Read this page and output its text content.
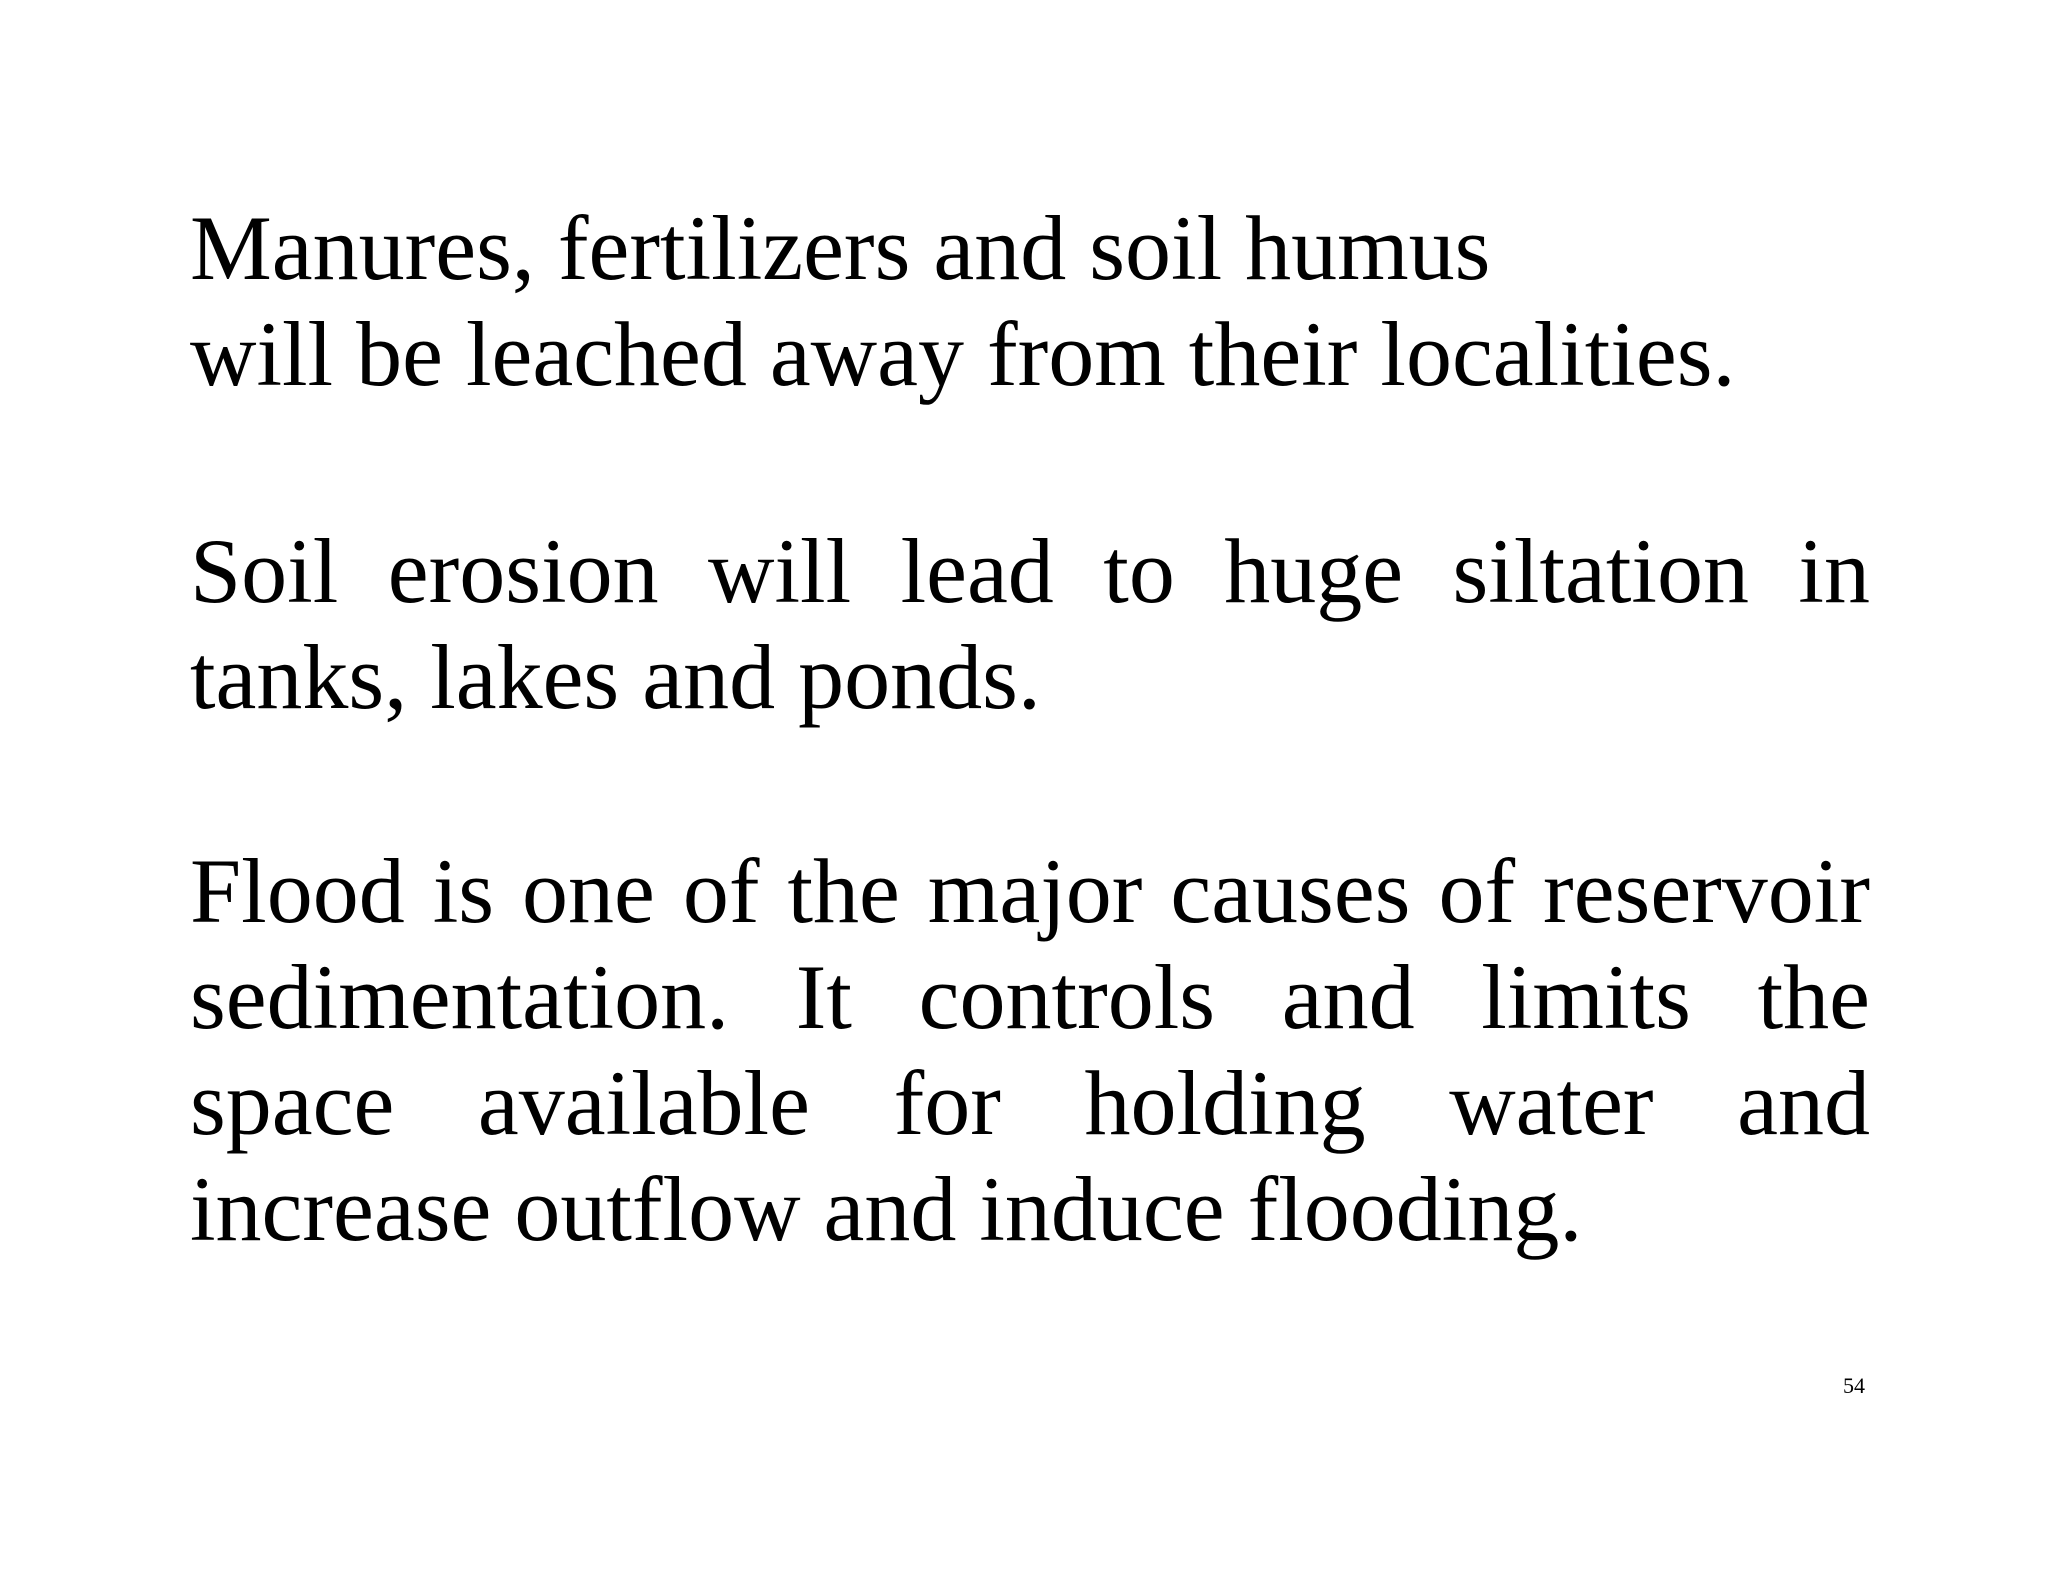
Manures, fertilizers and soil humus
will be leached away from their localities.
Soil erosion will lead to huge siltation in
tanks, lakes and ponds.
Flood is one of the major causes of reservoir
sedimentation. It controls and limits the
space available for holding water and
increase outflow and induce flooding.
54
